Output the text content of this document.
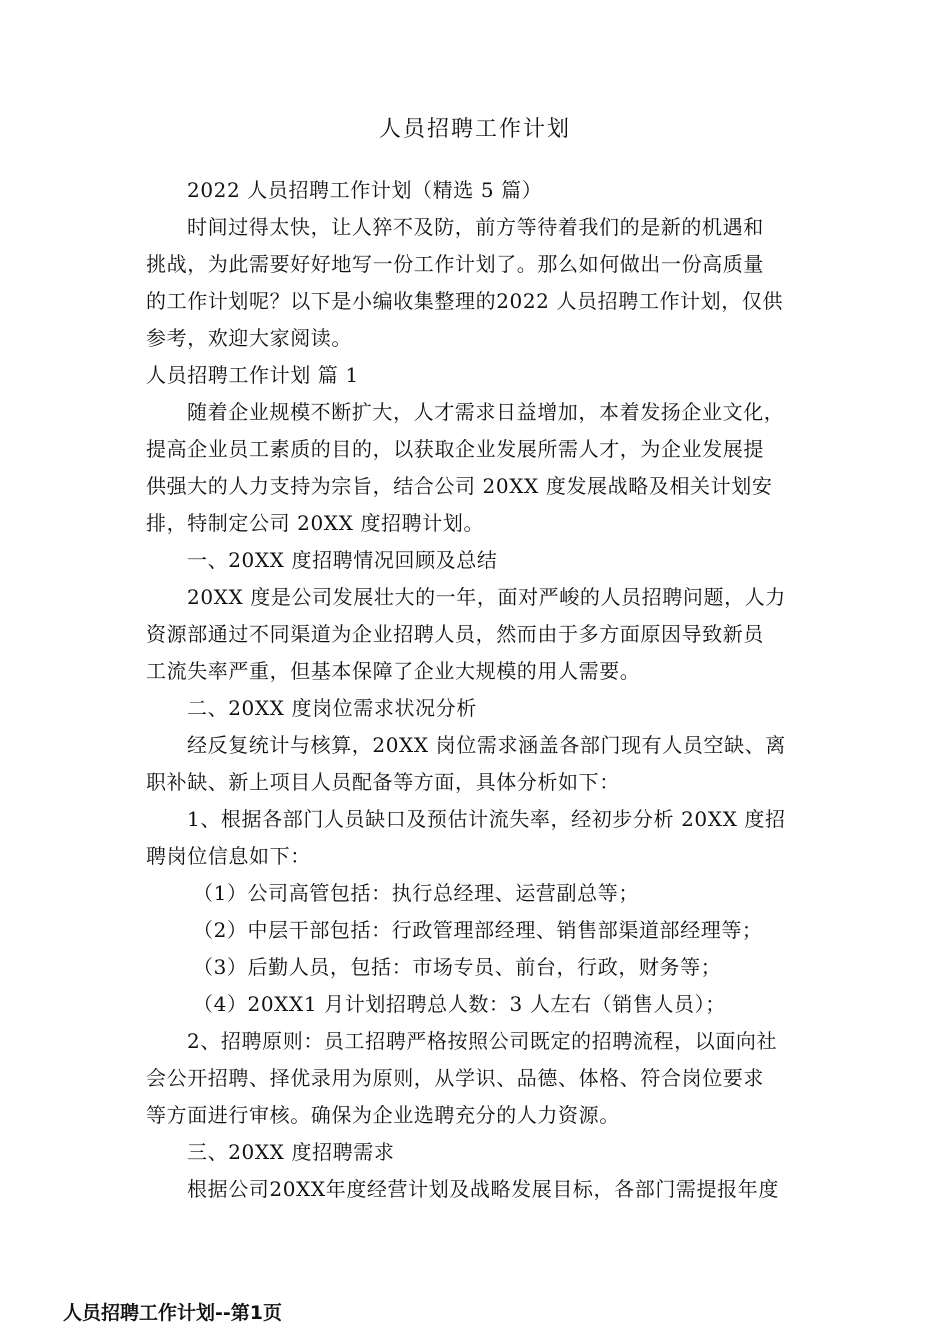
人员招聘工作计划
2022 人员招聘工作计划（精选 5 篇）
时间过得太快，让人猝不及防，前方等待着我们的是新的机遇和
挑战，为此需要好好地写一份工作计划了。那么如何做出一份高质量
的工作计划呢？以下是小编收集整理的2022 人员招聘工作计划，仅供
参考，欢迎大家阅读。
人员招聘工作计划 篇 1
随着企业规模不断扩大，人才需求日益增加，本着发扬企业文化，
提高企业员工素质的目的，以获取企业发展所需人才，为企业发展提
供强大的人力支持为宗旨，结合公司 20XX 度发展战略及相关计划安
排，特制定公司 20XX 度招聘计划。
一、20XX 度招聘情况回顾及总结
20XX 度是公司发展壮大的一年，面对严峻的人员招聘问题，人力
资源部通过不同渠道为企业招聘人员，然而由于多方面原因导致新员
工流失率严重，但基本保障了企业大规模的用人需要。
二、20XX 度岗位需求状况分析
经反复统计与核算，20XX 岗位需求涵盖各部门现有人员空缺、离
职补缺、新上项目人员配备等方面，具体分析如下：
1、根据各部门人员缺口及预估计流失率，经初步分析 20XX 度招
聘岗位信息如下：
（1）公司高管包括：执行总经理、运营副总等；
（2）中层干部包括：行政管理部经理、销售部渠道部经理等；
（3）后勤人员，包括：市场专员、前台，行政，财务等；
（4）20XX1 月计划招聘总人数：3 人左右（销售人员）；
2、招聘原则：员工招聘严格按照公司既定的招聘流程，以面向社
会公开招聘、择优录用为原则，从学识、品德、体格、符合岗位要求
等方面进行审核。确保为企业选聘充分的人力资源。
三、20XX 度招聘需求
根据公司20XX年度经营计划及战略发展目标，各部门需提报年度
人员招聘工作计划--第1页
